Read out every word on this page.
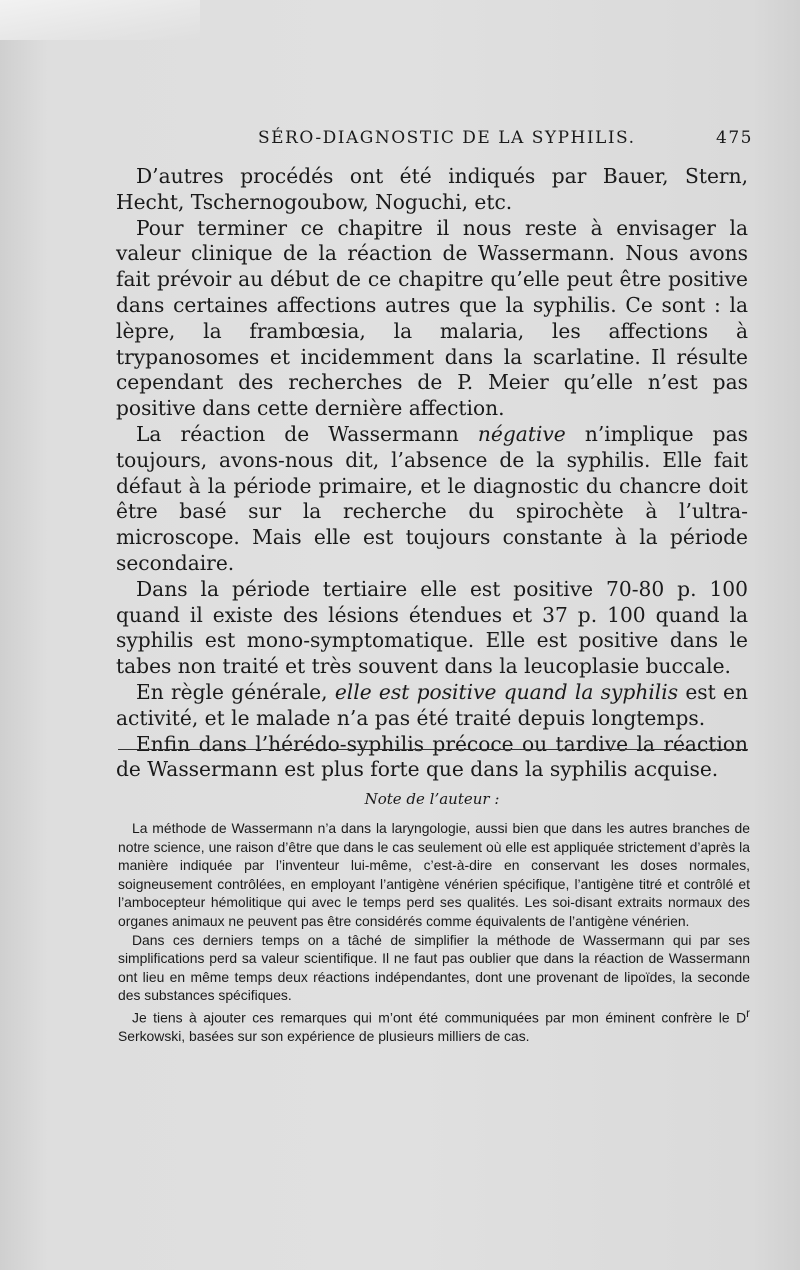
SÉRO-DIAGNOSTIC DE LA SYPHILIS.	475

D’autres procédés ont été indiqués par Bauer, Stern, Hecht, Tschernogoubow, Noguchi, etc.

Pour terminer ce chapitre il nous reste à envisager la valeur clinique de la réaction de Wassermann. Nous avons fait prévoir au début de ce chapitre qu’elle peut être positive dans certaines affections autres que la syphilis. Ce sont : la lèpre, la frambœsia, la malaria, les affections à trypanosomes et incidemment dans la scarlatine. Il résulte cependant des recherches de P. Meier qu’elle n’est pas positive dans cette dernière affection.

La réaction de Wassermann négative n’implique pas toujours, avons-nous dit, l’absence de la syphilis. Elle fait défaut à la période primaire, et le diagnostic du chancre doit être basé sur la recherche du spirochète à l’ultra-microscope. Mais elle est toujours constante à la période secondaire.

Dans la période tertiaire elle est positive 70-80 p. 100 quand il existe des lésions étendues et 37 p. 100 quand la syphilis est mono-symptomatique. Elle est positive dans le tabes non traité et très souvent dans la leucoplasie buccale.

En règle générale, elle est positive quand la syphilis est en activité, et le malade n’a pas été traité depuis longtemps.

Enfin dans l’hérédo-syphilis précoce ou tardive la réaction de Wassermann est plus forte que dans la syphilis acquise.

Note de l’auteur :

La méthode de Wassermann n’a dans la laryngologie, aussi bien que dans les autres branches de notre science, une raison d’être que dans le cas seulement où elle est appliquée strictement d’après la manière indiquée par l’inventeur lui-même, c’est-à-dire en conservant les doses normales, soigneusement contrôlées, en employant l’antigène vénérien spécifique, l’antigène titré et contrôlé et l’ambocepteur hémolitique qui avec le temps perd ses qualités. Les soi-disant extraits normaux des organes animaux ne peuvent pas être considérés comme équivalents de l’antigène vénérien.

Dans ces derniers temps on a tâché de simplifier la méthode de Wassermann qui par ses simplifications perd sa valeur scientifique. Il ne faut pas oublier que dans la réaction de Wassermann ont lieu en même temps deux réactions indépendantes, dont une provenant de lipoïdes, la seconde des substances spécifiques.

Je tiens à ajouter ces remarques qui m’ont été communiquées par mon éminent confrère le $D^r$ Serkowski, basées sur son expérience de plusieurs milliers de cas.
